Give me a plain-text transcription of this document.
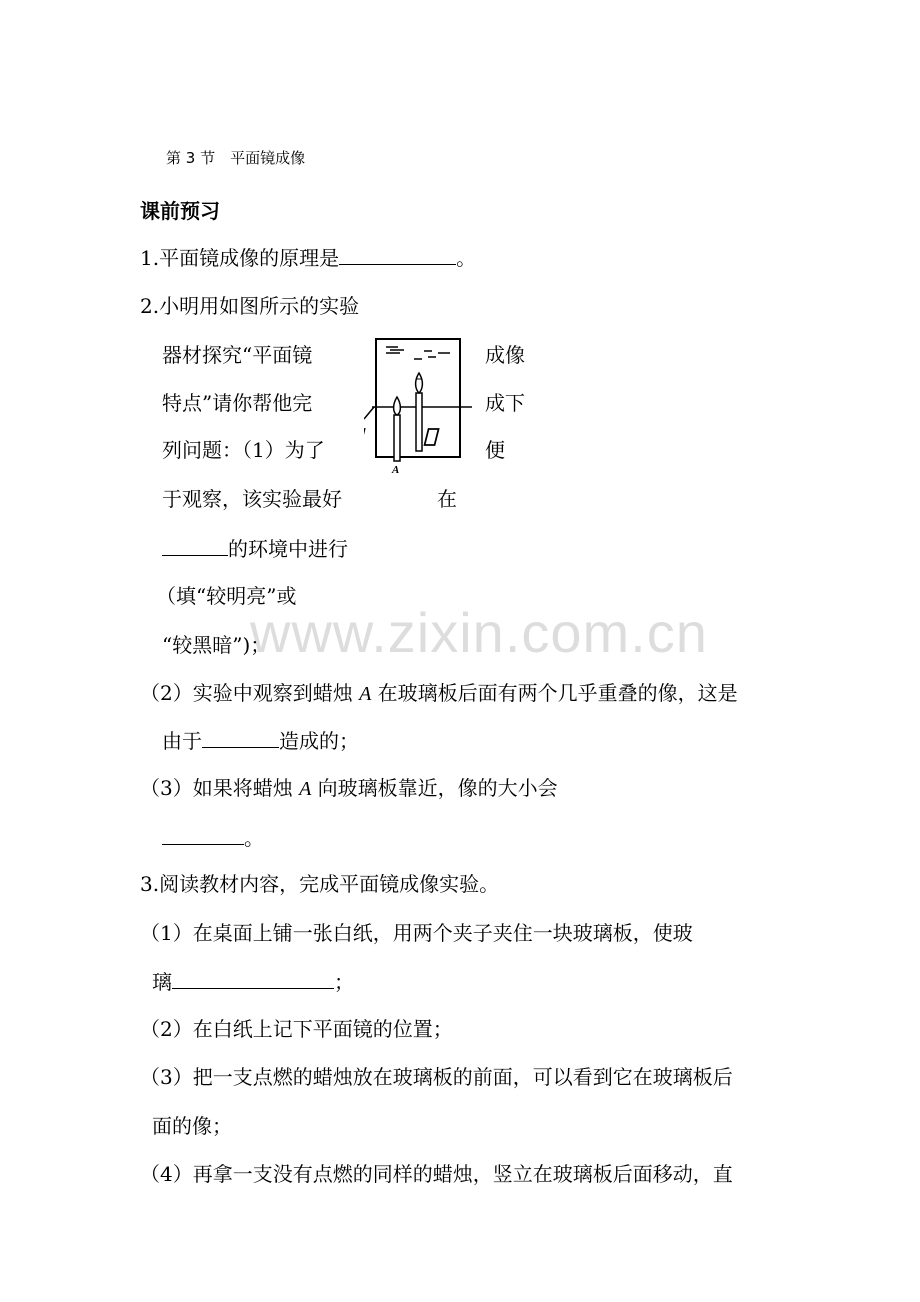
第 3 节　平面镜成像
课前预习
1.平面镜成像的原理是	。
2.小明用如图所示的实验
器材探究“平面镜	成像
特点”请你帮他完	成下
列问题：（1）为了	便
于观察，该实验最好	在
的环境中进行
（填“较明亮”或
“较黑暗”)；
（2）实验中观察到蜡烛 A 在玻璃板后面有两个几乎重叠的像，这是
由于	造成的；
（3）如果将蜡烛 A 向玻璃板靠近，像的大小会
。
3.阅读教材内容，完成平面镜成像实验。
（1）在桌面上铺一张白纸，用两个夹子夹住一块玻璃板，使玻
璃	；
（2）在白纸上记下平面镜的位置；
（3）把一支点燃的蜡烛放在玻璃板的前面，可以看到它在玻璃板后
面的像；
（4）再拿一支没有点燃的同样的蜡烛，竖立在玻璃板后面移动，直
A
www.zixin.com.cn
